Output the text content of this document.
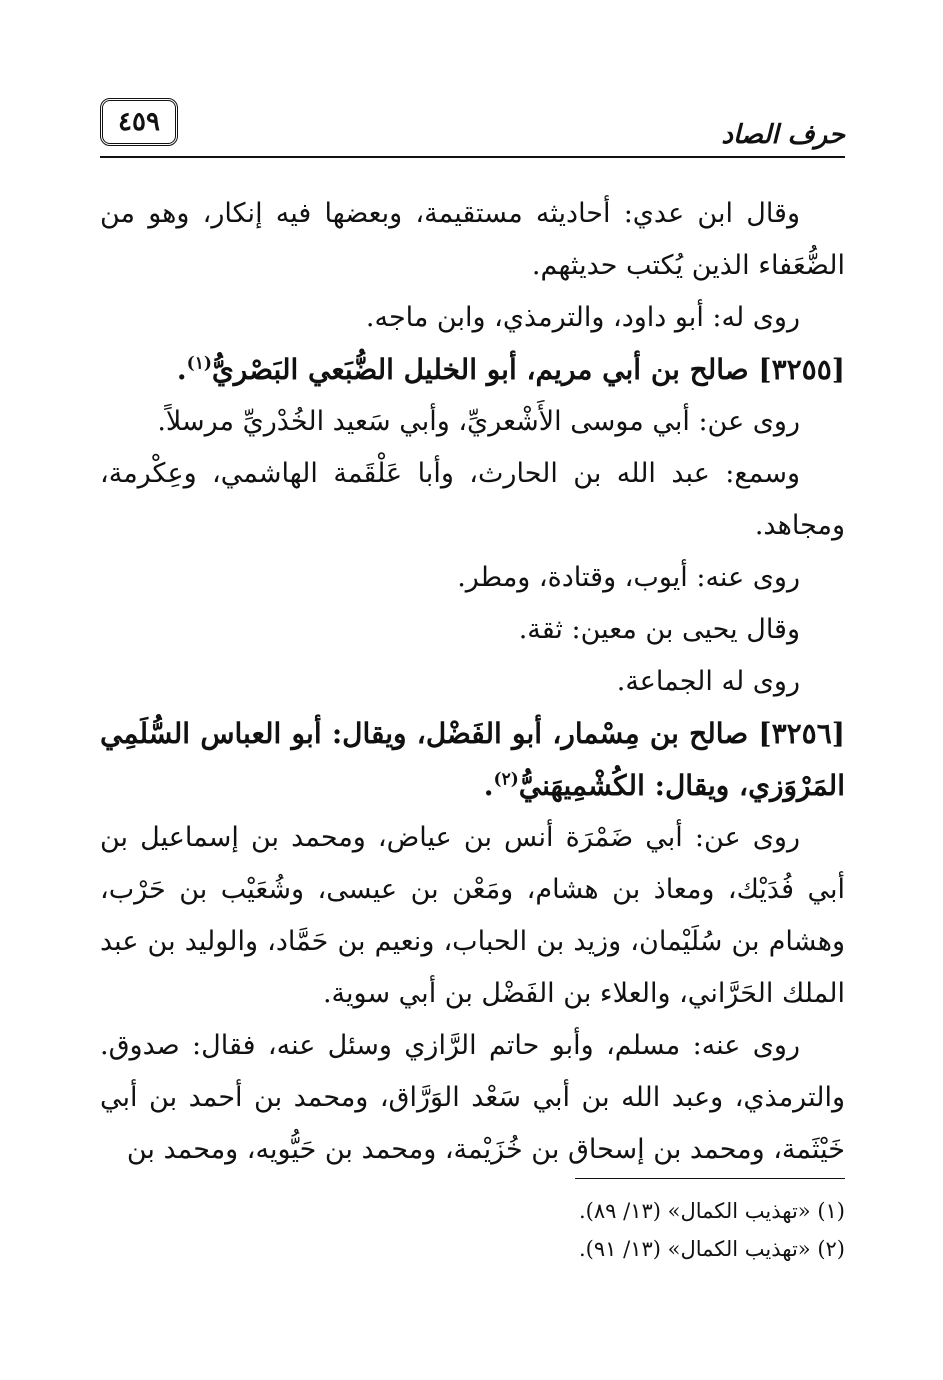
حرف الصاد
٤٥٩

وقال ابن عدي: أحاديثه مستقيمة، وبعضها فيه إنكار، وهو من الضُّعَفاء الذين يُكتب حديثهم.

روى له: أبو داود، والترمذي، وابن ماجه.

[٣٢٥٥] صالح بن أبي مريم، أبو الخليل الضُّبَعي البَصْريُّ$^{(١)}$.

روى عن: أبي موسى الأَشْعريِّ، وأبي سَعيد الخُدْريِّ مرسلاً.

وسمع: عبد الله بن الحارث، وأبا عَلْقَمة الهاشمي، وعِكْرمة، ومجاهد.

روى عنه: أيوب، وقتادة، ومطر.

وقال يحيى بن معين: ثقة.

روى له الجماعة.

[٣٢٥٦] صالح بن مِسْمار، أبو الفَضْل، ويقال: أبو العباس السُّلَمِي المَرْوَزي، ويقال: الكُشْمِيهَنيُّ$^{(٢)}$.

روى عن: أبي ضَمْرَة أنس بن عياض، ومحمد بن إسماعيل بن أبي فُدَيْك، ومعاذ بن هشام، ومَعْن بن عيسى، وشُعَيْب بن حَرْب، وهشام بن سُلَيْمان، وزيد بن الحباب، ونعيم بن حَمَّاد، والوليد بن عبد الملك الحَرَّاني، والعلاء بن الفَضْل بن أبي سوية.

روى عنه: مسلم، وأبو حاتم الرَّازي وسئل عنه، فقال: صدوق. والترمذي، وعبد الله بن أبي سَعْد الوَرَّاق، ومحمد بن أحمد بن أبي خَيْثَمة، ومحمد بن إسحاق بن خُزَيْمة، ومحمد بن حَيُّويه، ومحمد بن

(١) «تهذيب الكمال» (١٣/ ٨٩).

(٢) «تهذيب الكمال» (١٣/ ٩١).
